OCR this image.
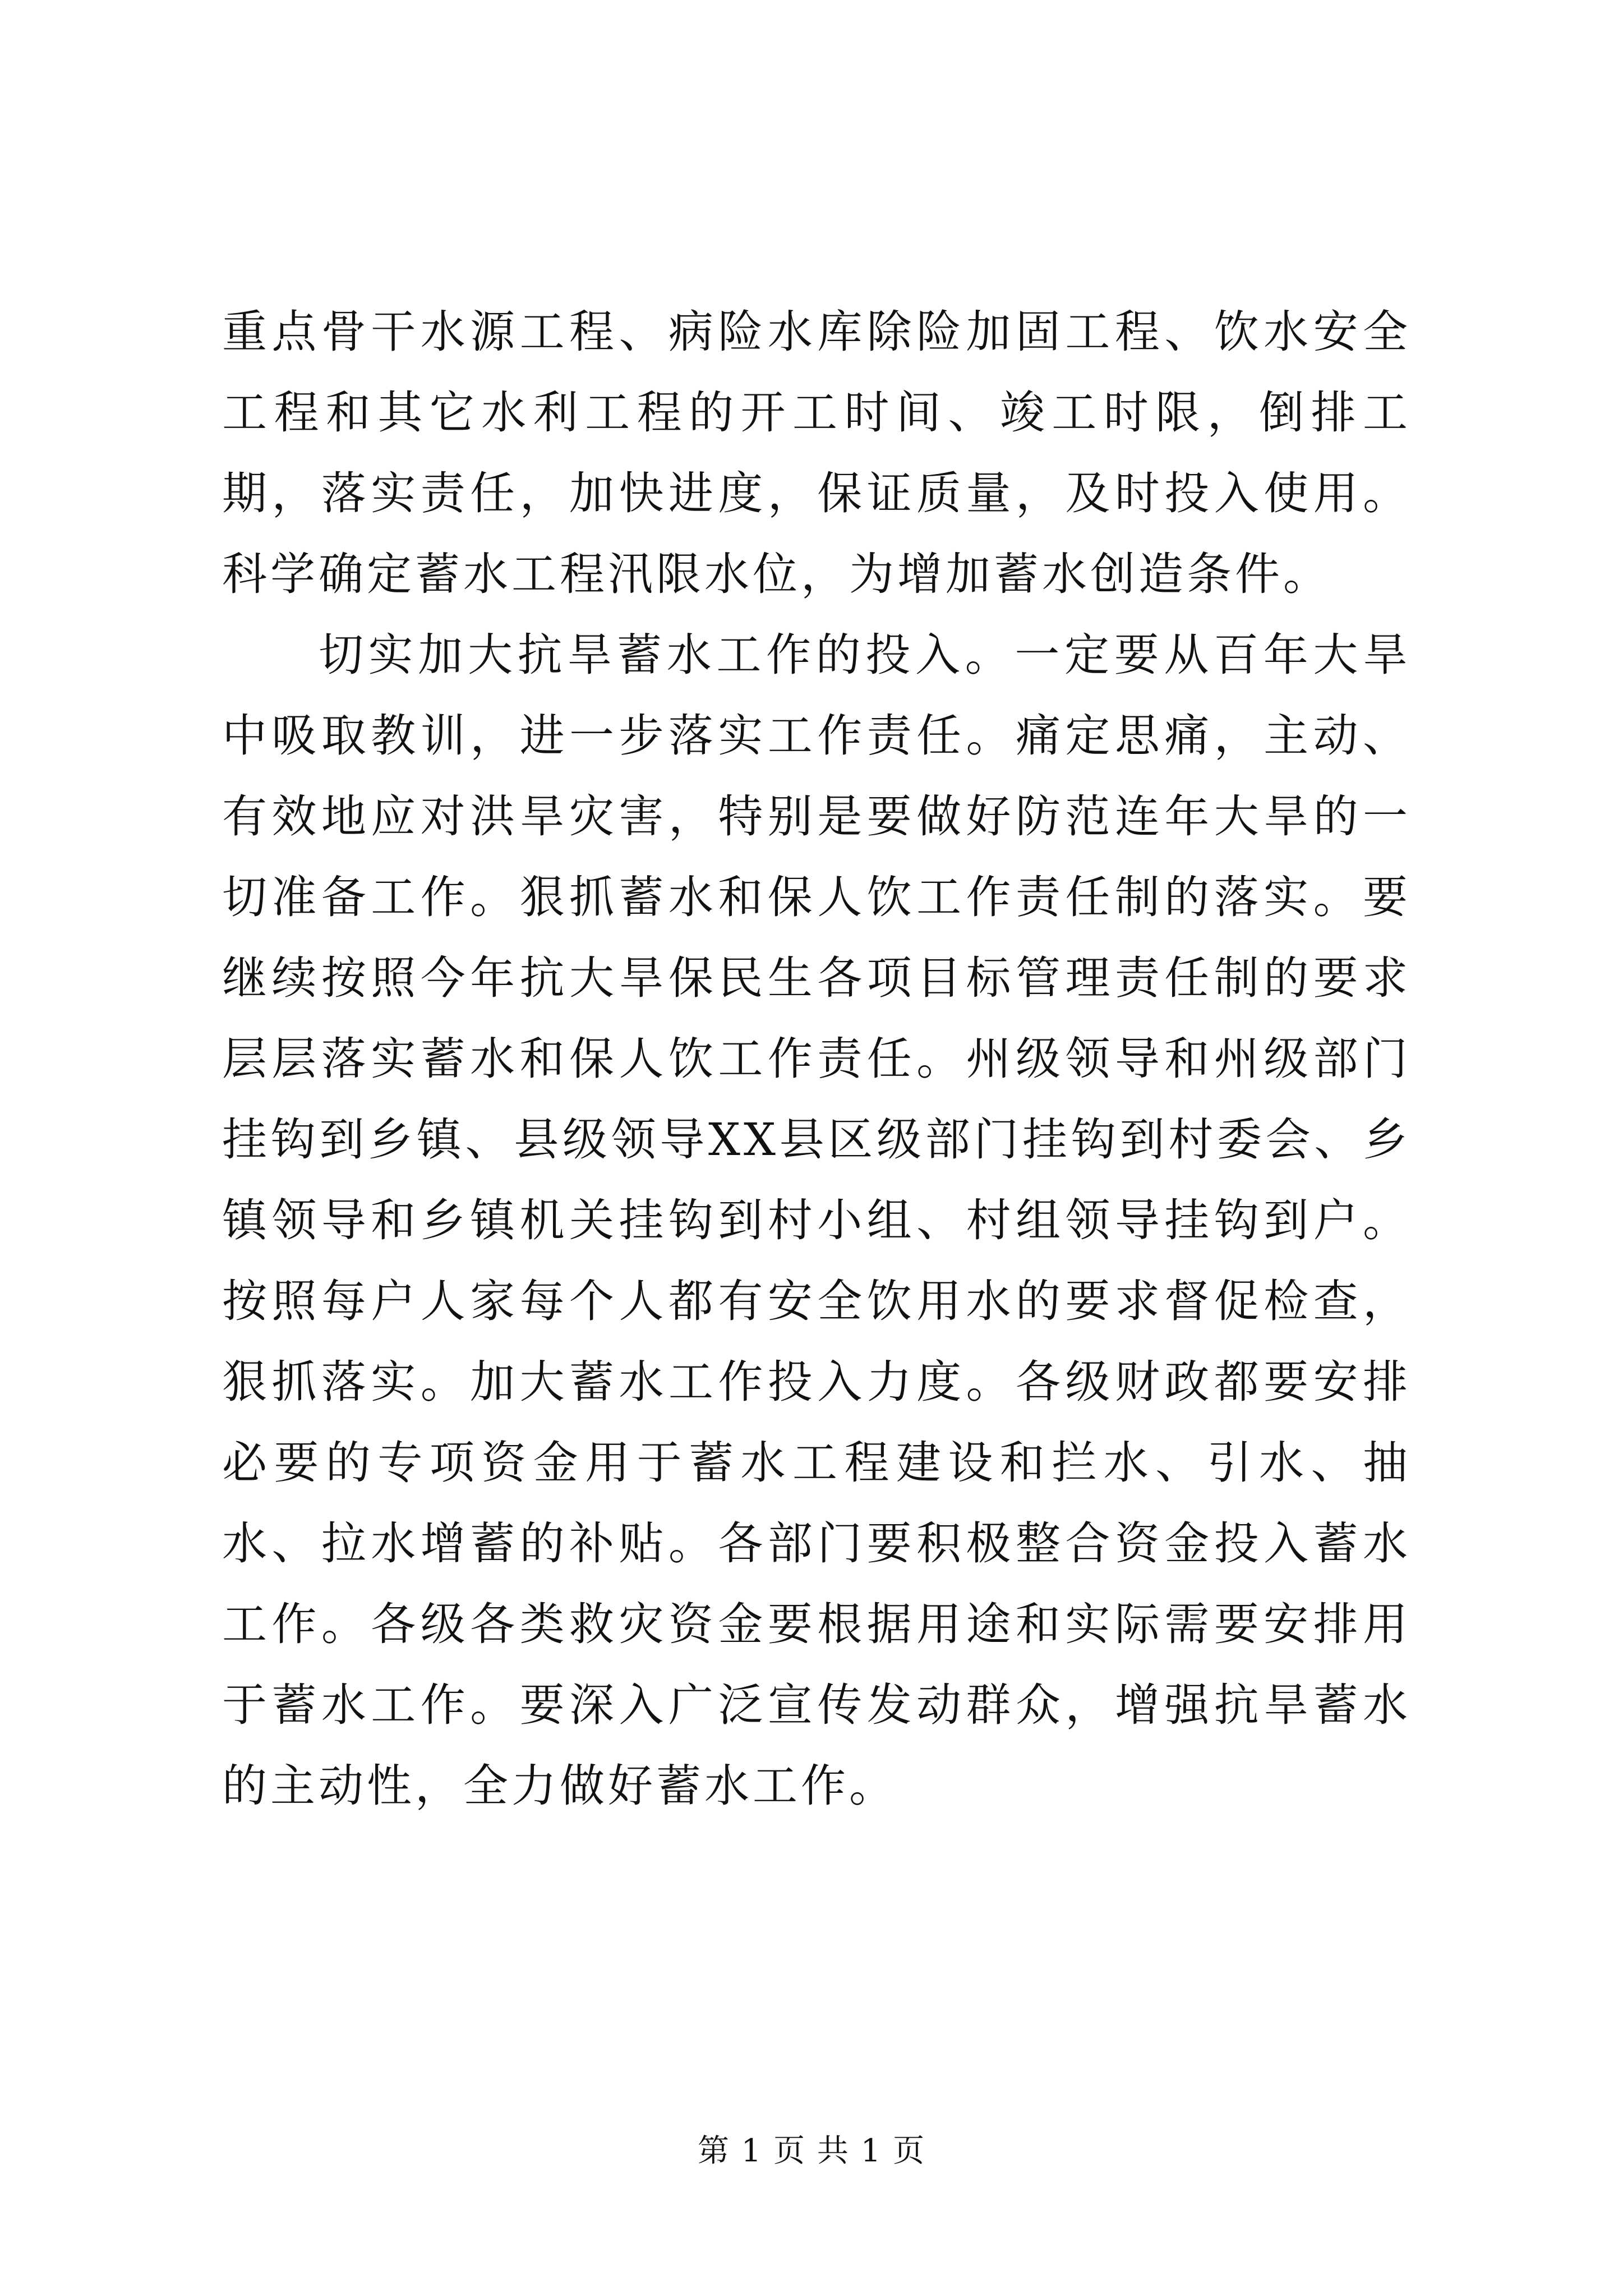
重点骨干水源工程、病险水库除险加固工程、饮水安全工程和其它水利工程的开工时间、竣工时限，倒排工期，落实责任，加快进度，保证质量，及时投入使用。科学确定蓄水工程汛限水位，为增加蓄水创造条件。

切实加大抗旱蓄水工作的投入。一定要从百年大旱中吸取教训，进一步落实工作责任。痛定思痛，主动、有效地应对洪旱灾害，特别是要做好防范连年大旱的一切准备工作。狠抓蓄水和保人饮工作责任制的落实。要继续按照今年抗大旱保民生各项目标管理责任制的要求层层落实蓄水和保人饮工作责任。州级领导和州级部门挂钩到乡镇、县级领导XX县区级部门挂钩到村委会、乡镇领导和乡镇机关挂钩到村小组、村组领导挂钩到户。按照每户人家每个人都有安全饮用水的要求督促检查，狠抓落实。加大蓄水工作投入力度。各级财政都要安排必要的专项资金用于蓄水工程建设和拦水、引水、抽水、拉水增蓄的补贴。各部门要积极整合资金投入蓄水工作。各级各类救灾资金要根据用途和实际需要安排用于蓄水工作。要深入广泛宣传发动群众，增强抗旱蓄水的主动性，全力做好蓄水工作。

第 1 页 共 1 页
